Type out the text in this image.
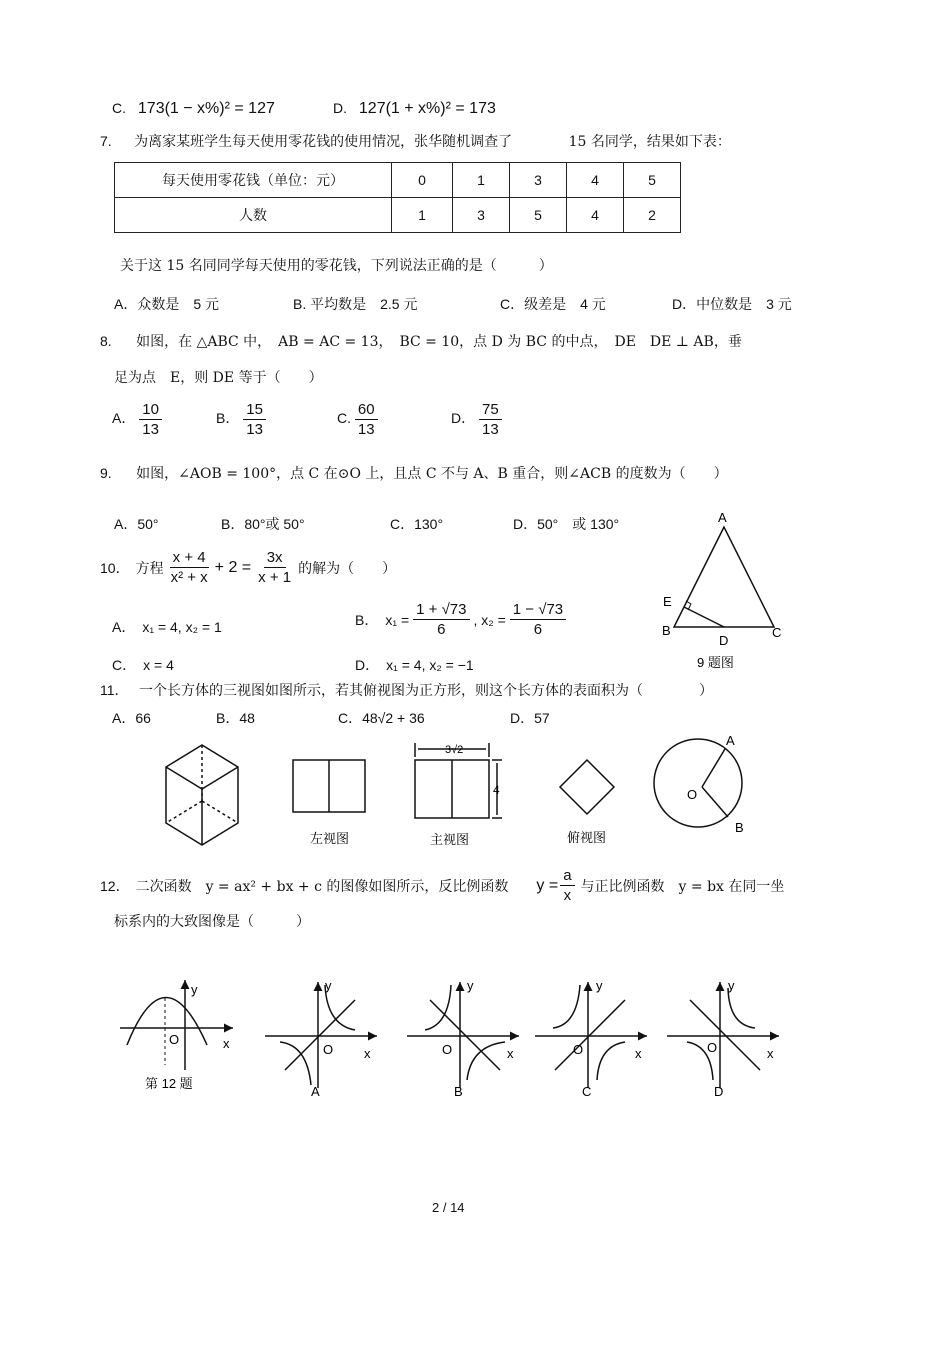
C. 173(1 − x%)² = 127	D. 127(1 + x%)² = 173
7. 为离家某班学生每天使用零花钱的使用情况，张华随机调查了	15 名同学，结果如下表：
每天使用零花钱（单位：元）	0	1	3	4	5
人数	1	3	5	4	2
关于这 15 名同同学每天使用的零花钱，下列说法正确的是（　　　）
A．众数是　5 元	B. 平均数是　2.5 元	C．级差是　4 元	D．中位数是　3 元
8. 如图，在 △ABC 中，　AB = AC = 13，　BC = 10，点 D 为 BC 的中点，　DE　DE ⊥ AB，垂
足为点　E，则 DE 等于（　　）
A． $\frac{10}{13}$	B． $\frac{15}{13}$	C. $\frac{60}{13}$	D． $\frac{75}{13}$
9. 如图，∠AOB = 100°，点 C 在⊙O 上，且点 C 不与 A、B 重合，则∠ACB 的度数为（　　）
A．50°	B．80°或 50°	C．130°	D．50°　或 130°	A
B	C
D
E
9 题图
10． 方程 $\frac{x + 4}{\text{x² + x}} + 2 = \frac{3x}{x + 1}$ 的解为（　　）
A．　x₁ = 4, x₂ = 1	B．　$x_1 = \frac{1 + √73}{6}$ , $x_2 = \frac{1 - √73}{6}$
C．　x = 4	D．　x₁ = 4, x₂ = −1
11． 一个长方体的三视图如图所示，若其俯视图为正方形，则这个长方体的表面积为（　　　　）
A．66	B．48	C．48√2 + 36	D．57
左视图
3√2
4
主视图	俯视图
A
O
B
12． 二次函数　y = ax² + bx + c 的图像如图所示，反比例函数 $y = \frac{a}{x}$ 与正比例函数　y = bx 在同一坐
标系内的大致图像是（　　　）
y
x
O
第 12 题
y
O x
A
y
O	x
B
y
O	x
C
y
O	x
D
2 / 14
